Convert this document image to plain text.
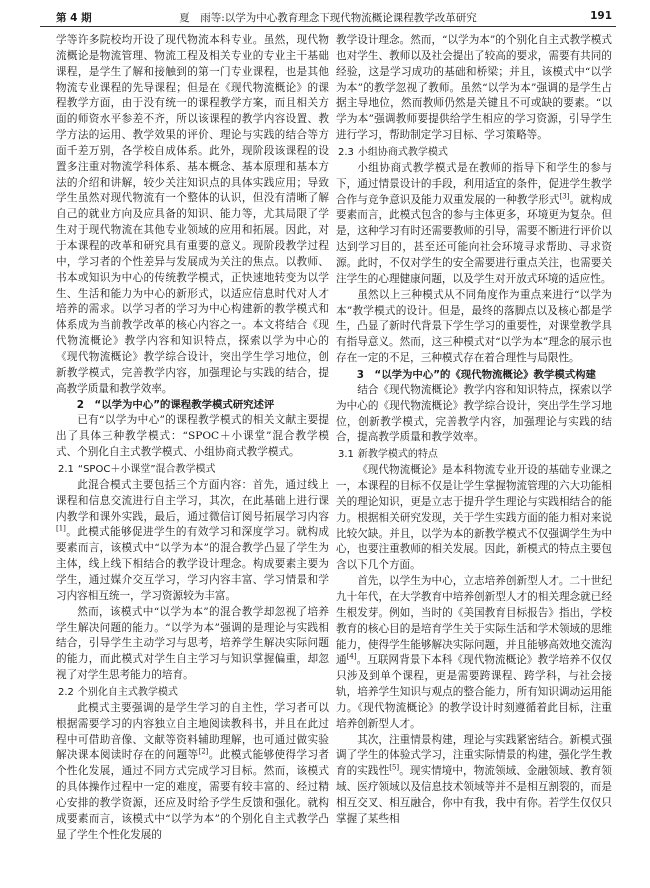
第 4 期	夏　雨等:以学为中心教育理念下现代物流概论课程教学改革研究	191

学等许多院校均开设了现代物流本科专业。虽然，现代物流概论是物流管理、物流工程及相关专业的专业主干基础课程，是学生了解和接触到的第一门专业课程，也是其他物流专业课程的先导课程；但是在《现代物流概论》的课程教学方面，由于没有统一的课程教学方案，而且相关方面的师资水平参差不齐，所以该课程的教学内容设置、教学方法的运用、教学效果的评价、理论与实践的结合等方面千差万别，各学校自成体系。此外，现阶段该课程的设置多注重对物流学科体系、基本概念、基本原理和基本方法的介绍和讲解，较少关注知识点的具体实践应用；导致学生虽然对现代物流有一个整体的认识，但没有清晰了解自己的就业方向及应具备的知识、能力等，尤其局限了学生对于现代物流在其他专业领域的应用和拓展。因此，对于本课程的改革和研究具有重要的意义。现阶段教学过程中，学习者的个性差异与发展成为关注的焦点。以教师、书本或知识为中心的传统教学模式，正快速地转变为以学生、生活和能力为中心的新形式，以适应信息时代对人才培养的需求。以学习者的学习为中心构建新的教学模式和体系成为当前教学改革的核心内容之一。本文将结合《现代物流概论》教学内容和知识特点，探索以学为中心的《现代物流概论》教学综合设计，突出学生学习地位，创新教学模式，完善教学内容，加强理论与实践的结合，提高教学质量和教学效率。

2　“以学为中心”的课程教学模式研究述评

已有“以学为中心”的课程教学模式的相关文献主要提出了具体三种教学模式：“SPOC＋小课堂”混合教学模式、个别化自主式教学模式、小组协商式教学模式。

2.1 “SPOC＋小课堂”混合教学模式

此混合模式主要包括三个方面内容：首先，通过线上课程和信息交流进行自主学习，其次，在此基础上进行课内教学和课外实践，最后，通过微信订阅号拓展学习内容[1]。此模式能够促进学生的有效学习和深度学习。就构成要素而言，该模式中“以学为本”的混合教学凸显了学生为主体，线上线下相结合的教学设计理念。构成要素主要为学生，通过媒介交互学习，学习内容丰富、学习情景和学习内容相互统一，学习资源较为丰富。

然而，该模式中“以学为本”的混合教学却忽视了培养学生解决问题的能力。“以学为本”强调的是理论与实践相结合，引导学生主动学习与思考，培养学生解决实际问题的能力，而此模式对学生自主学习与知识掌握偏重，却忽视了对学生思考能力的培育。

2.2 个别化自主式教学模式

此模式主要强调的是学生学习的自主性，学习者可以根据需要学习的内容独立自主地阅读教科书，并且在此过程中可借助音像、文献等资料辅助理解，也可通过做实验解决课本阅读时存在的问题等[2]。此模式能够使得学习者个性化发展，通过不同方式完成学习目标。然而，该模式的具体操作过程中一定的难度，需要有较丰富的、经过精心安排的教学资源，还应及时给予学生反馈和强化。就构成要素而言，该模式中“以学为本”的个别化自主式教学凸显了学生个性化发展的

教学设计理念。然而，“以学为本”的个别化自主式教学模式也对学生、教师以及社会提出了较高的要求，需要有共同的经验，这是学习成功的基础和桥梁；并且，该模式中“以学为本”的教学忽视了教师。虽然“以学为本”强调的是学生占据主导地位，然而教师仍然是关键且不可或缺的要素。“以学为本”强调教师要提供给学生相应的学习资源，引导学生进行学习，帮助制定学习目标、学习策略等。

2.3 小组协商式教学模式

小组协商式教学模式是在教师的指导下和学生的参与下，通过情景设计的手段，利用适宜的条件，促进学生教学合作与竞争意识及能力双重发展的一种教学形式[3]。就构成要素而言，此模式包含的参与主体更多，环境更为复杂。但是，这种学习有时还需要教师的引导，需要不断进行评价以达到学习目的，甚至还可能向社会环境寻求帮助、寻求资源。此时，不仅对学生的安全需要进行重点关注，也需要关注学生的心理健康问题，以及学生对开放式环境的适应性。

虽然以上三种模式从不同角度作为重点来进行“以学为本”教学模式的设计。但是，最终的落脚点以及核心都是学生，凸显了新时代背景下学生学习的重要性，对课堂教学具有指导意义。然而，这三种模式对“以学为本”理念的展示也存在一定的不足，三种模式存在着合理性与局限性。

3　“以学为中心”的《现代物流概论》教学模式构建

结合《现代物流概论》教学内容和知识特点，探索以学为中心的《现代物流概论》教学综合设计，突出学生学习地位，创新教学模式，完善教学内容，加强理论与实践的结合，提高教学质量和教学效率。

3.1 新教学模式的特点

《现代物流概论》是本科物流专业开设的基础专业课之一，本课程的目标不仅是让学生掌握物流管理的六大功能相关的理论知识，更是立志于提升学生理论与实践相结合的能力。根据相关研究发现，关于学生实践方面的能力相对来说比较欠缺。并且，以学为本的新教学模式不仅强调学生为中心，也要注重教师的相关发展。因此，新模式的特点主要包含以下几个方面。

首先，以学生为中心，立志培养创新型人才。二十世纪九十年代，在大学教育中培养创新型人才的相关理念就已经生根发芽。例如，当时的《美国教育目标报告》指出，学校教育的核心目的是培育学生关于实际生活和学术领域的思维能力，使得学生能够解决实际问题，并且能够高效地交流沟通[4]。互联网背景下本科《现代物流概论》教学培养不仅仅只涉及到单个课程，更是需要跨课程、跨学科，与社会接轨，培养学生知识与观点的整合能力，所有知识调动运用能力。《现代物流概论》的教学设计时刻遵循着此目标，注重培养创新型人才。

其次，注重情景构建，理论与实践紧密结合。新模式强调了学生的体验式学习，注重实际情景的构建，强化学生教育的实践性[5]。现实情境中，物流领域、金融领域、教育领域、医疗领域以及信息技术领域等并不是相互割裂的，而是相互交叉、相互融合，你中有我，我中有你。若学生仅仅只掌握了某些相
